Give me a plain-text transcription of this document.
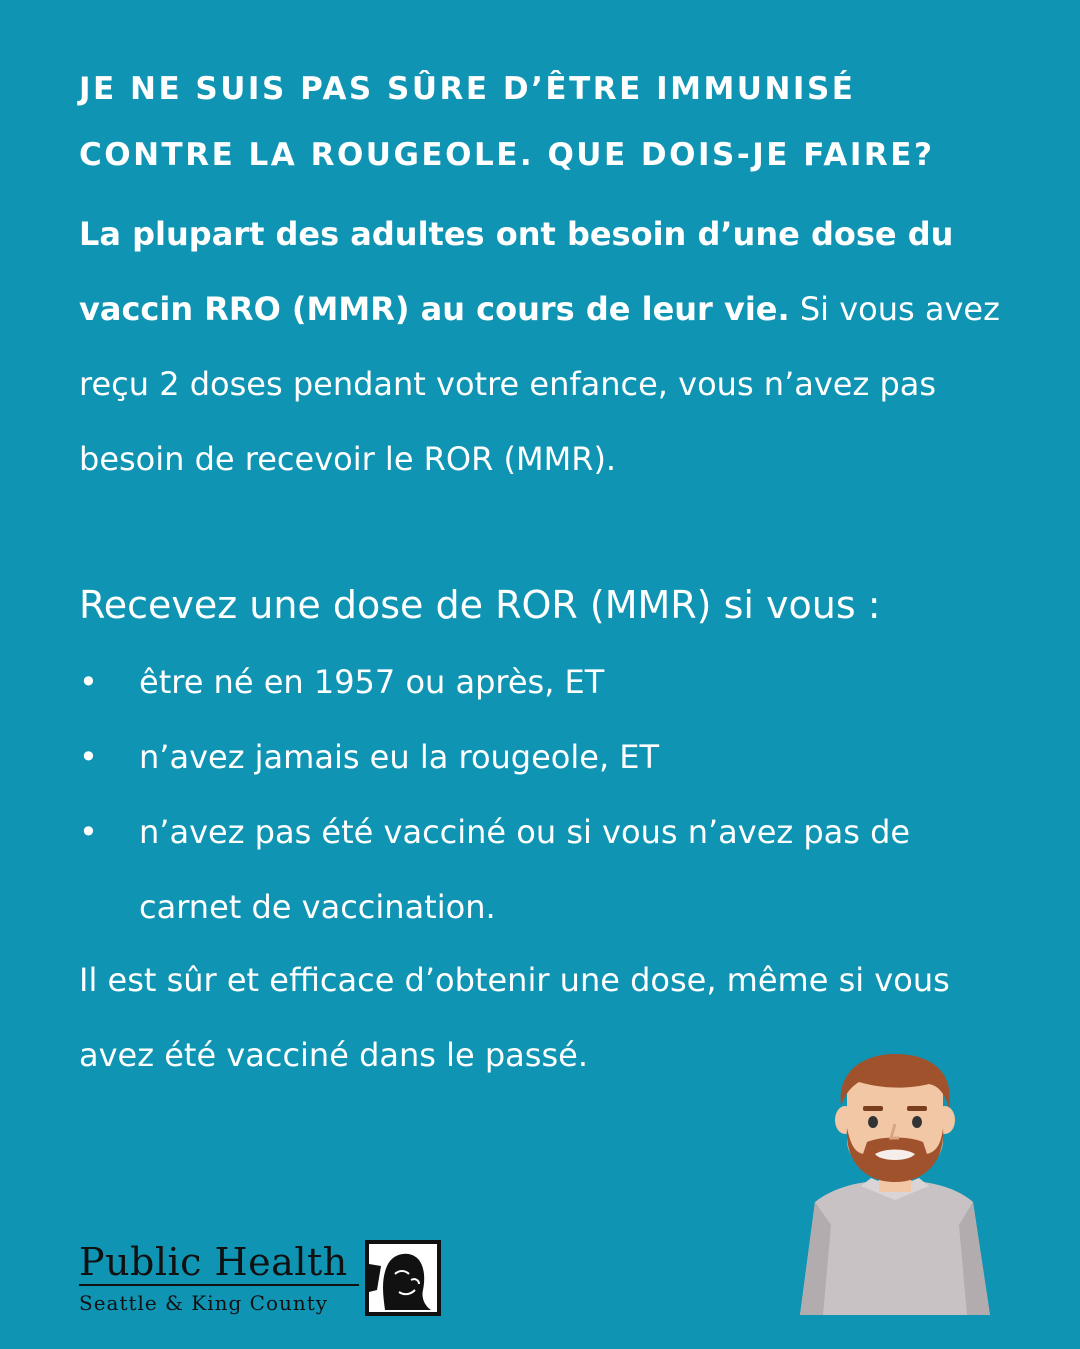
JE NE SUIS PAS SÛRE D’ÊTRE IMMUNISÉ
CONTRE LA ROUGEOLE. QUE DOIS-JE FAIRE?

La plupart des adultes ont besoin d’une dose du vaccin RRO (MMR) au cours de leur vie. Si vous avez reçu 2 doses pendant votre enfance, vous n’avez pas besoin de recevoir le ROR (MMR).

Recevez une dose de ROR (MMR) si vous :

• être né en 1957 ou après, ET
• n’avez jamais eu la rougeole, ET
• n’avez pas été vacciné ou si vous n’avez pas de carnet de vaccination.

Il est sûr et efficace d’obtenir une dose, même si vous avez été vacciné dans le passé.

Public Health
Seattle & King County
